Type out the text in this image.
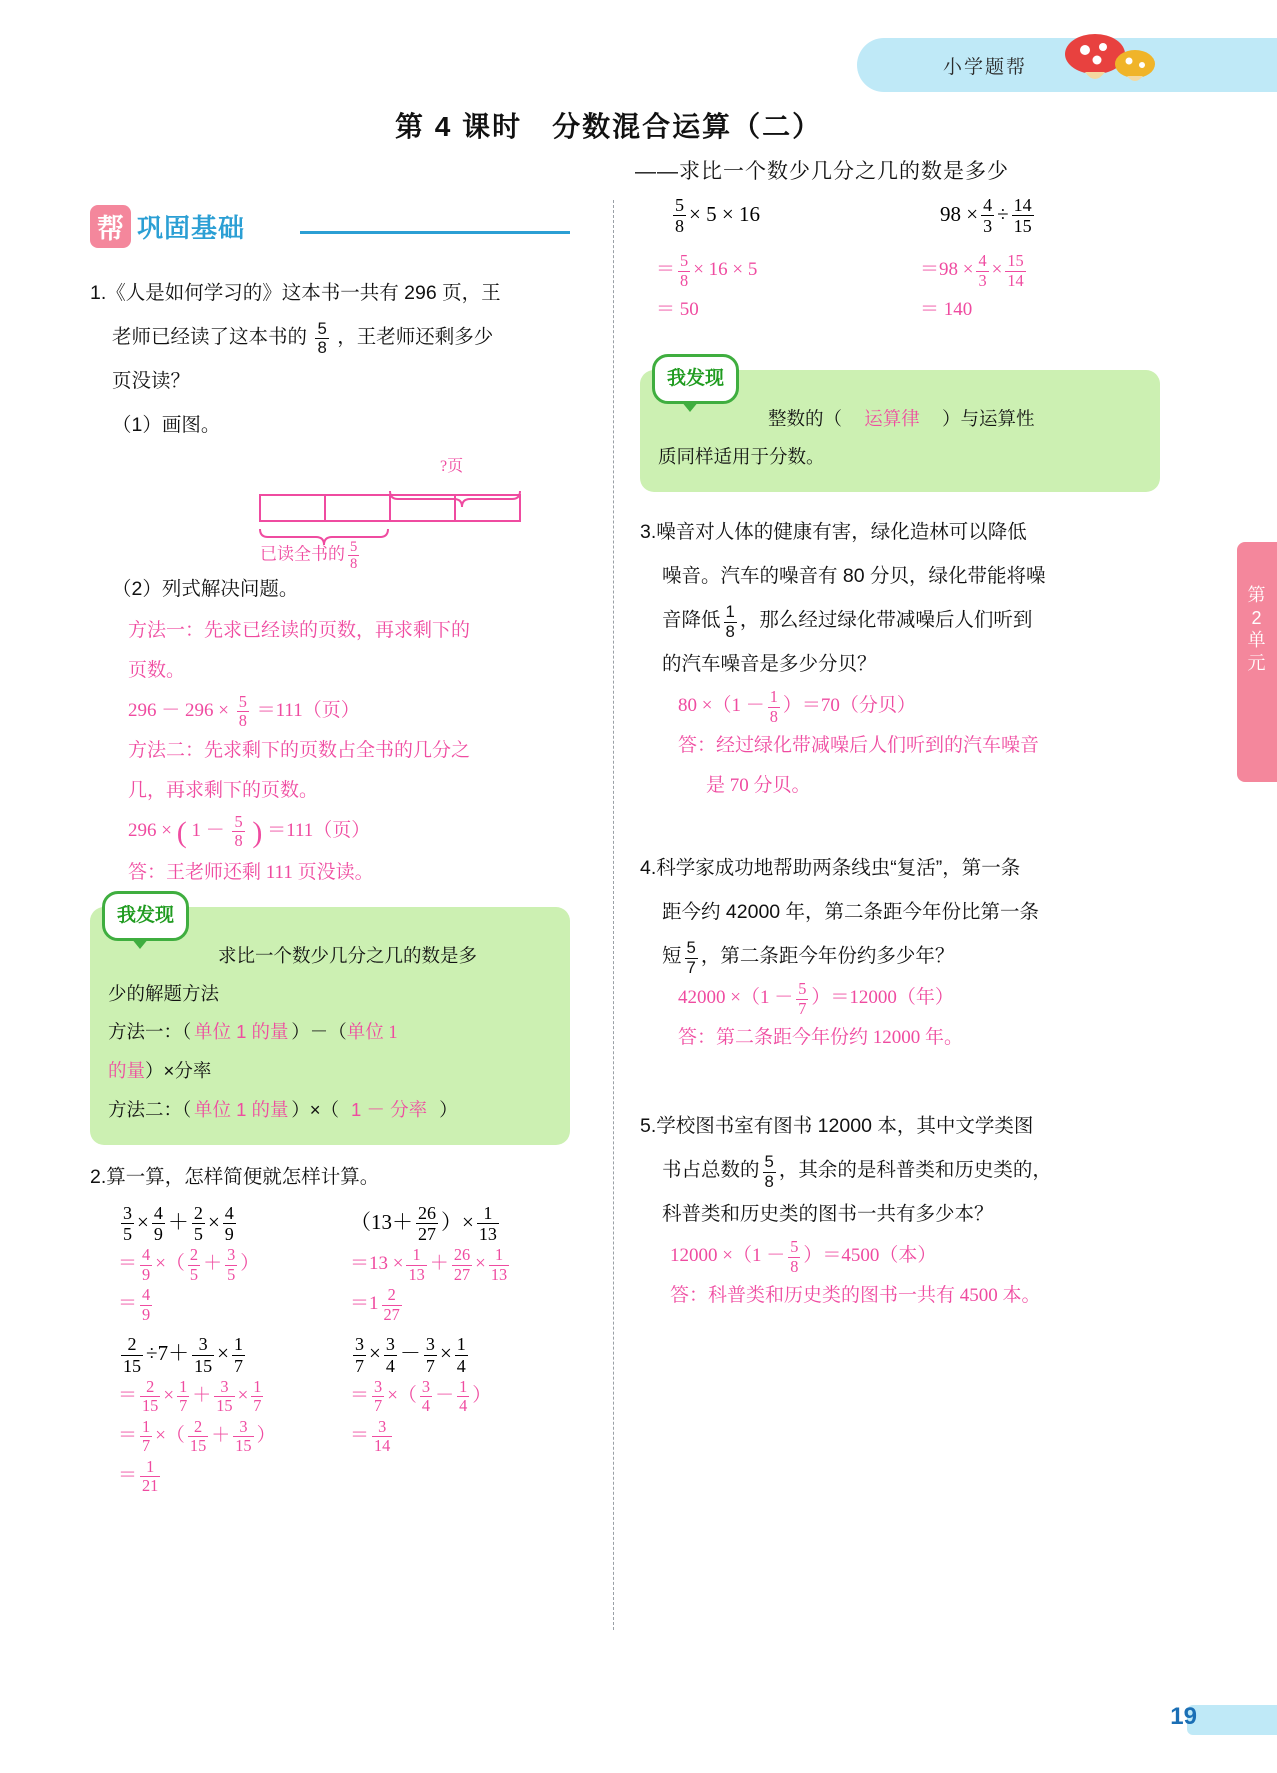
小学题帮
第
2
单
元
第 4 课时　分数混合运算（二）
——求比一个数少几分之几的数是多少
帮 巩固基础
1.《人是如何学习的》这本书一共有 296 页，王
老师已经读了这本书的 $\frac{5}{8}$ ，王老师还剩多少
页没读？
（1）画图。
?页
已读全书的 $\frac{5}{8}$
（2）列式解决问题。
方法一：先求已经读的页数，再求剩下的
页数。
$296 - 296 \times \frac{5}{8} =111$（页）
方法二：先求剩下的页数占全书的几分之
几，再求剩下的页数。
296 × ( $1 - \frac{5}{8}$ ) ＝111（页）
答：王老师还剩 111 页没读。
我发现
求比一个数少几分之几的数是多
少的解题方法
方法一：（ 单位 1 的量 ）－（单位 1
的量）×分率
方法二：（ 单位 1 的量 ）×（ 1 － 分率 ）
2.算一算，怎样简便就怎样计算。
$\frac{3}{5} \times \frac{4}{9} + \frac{2}{5} \times \frac{4}{9}$
＝ $\frac{4}{9}$ ×（ $\frac{2}{5} + \frac{3}{5}$ ）
＝ $\frac{4}{9}$
（$13+ \frac{26}{27}$ ）× $\frac{1}{13}$
$=13 \times \frac{1}{13} + \frac{26}{27} \times \frac{1}{13}$
$=1 \frac{2}{27}$
$\frac{2}{15} \div 7+ \frac{3}{15} \times \frac{1}{7}$
＝ $\frac{2}{15} \times \frac{1}{7} + \frac{3}{15} \times \frac{1}{7}$
＝ $\frac{1}{7}$ ×（ $\frac{2}{15} + \frac{3}{15}$ ）
＝ $\frac{1}{21}$
$\frac{3}{7} \times \frac{3}{4} - \frac{3}{7} \times \frac{1}{4}$
＝ $\frac{3}{7}$ ×（ $\frac{3}{4} - \frac{1}{4}$ ）
＝ $\frac{3}{14}$
$\frac{5}{8} \times 5 \times 16$
＝ $\frac{5}{8} \times 16 \times 5$
＝ 50
$98 \times \frac{4}{3} \div \frac{14}{15}$
$=98 \times \frac{4}{3} \times \frac{15}{14}$
＝ 140
我发现
整数的（ 运算律 ）与运算性
质同样适用于分数。
3.噪音对人体的健康有害，绿化造林可以降低
噪音。汽车的噪音有 80 分贝，绿化带能将噪
音降低 $\frac{1}{8}$ ，那么经过绿化带减噪后人们听到
的汽车噪音是多少分贝？
$80 \times(1 - \frac{1}{8} )=70$（分贝）
答：经过绿化带减噪后人们听到的汽车噪音
是 70 分贝。
4.科学家成功地帮助两条线虫“复活”，第一条
距今约 42000 年，第二条距今年份比第一条
短 $\frac{5}{7}$ ，第二条距今年份约多少年？
$42000 \times(1 - \frac{5}{7} )=12000$（年）
答：第二条距今年份约 12000 年。
5.学校图书室有图书 12000 本，其中文学类图
书占总数的 $\frac{5}{8}$ ，其余的是科普类和历史类的，
科普类和历史类的图书一共有多少本？
$12000 \times(1 - \frac{5}{8} )=4500$（本）
答：科普类和历史类的图书一共有 4500 本。
19
